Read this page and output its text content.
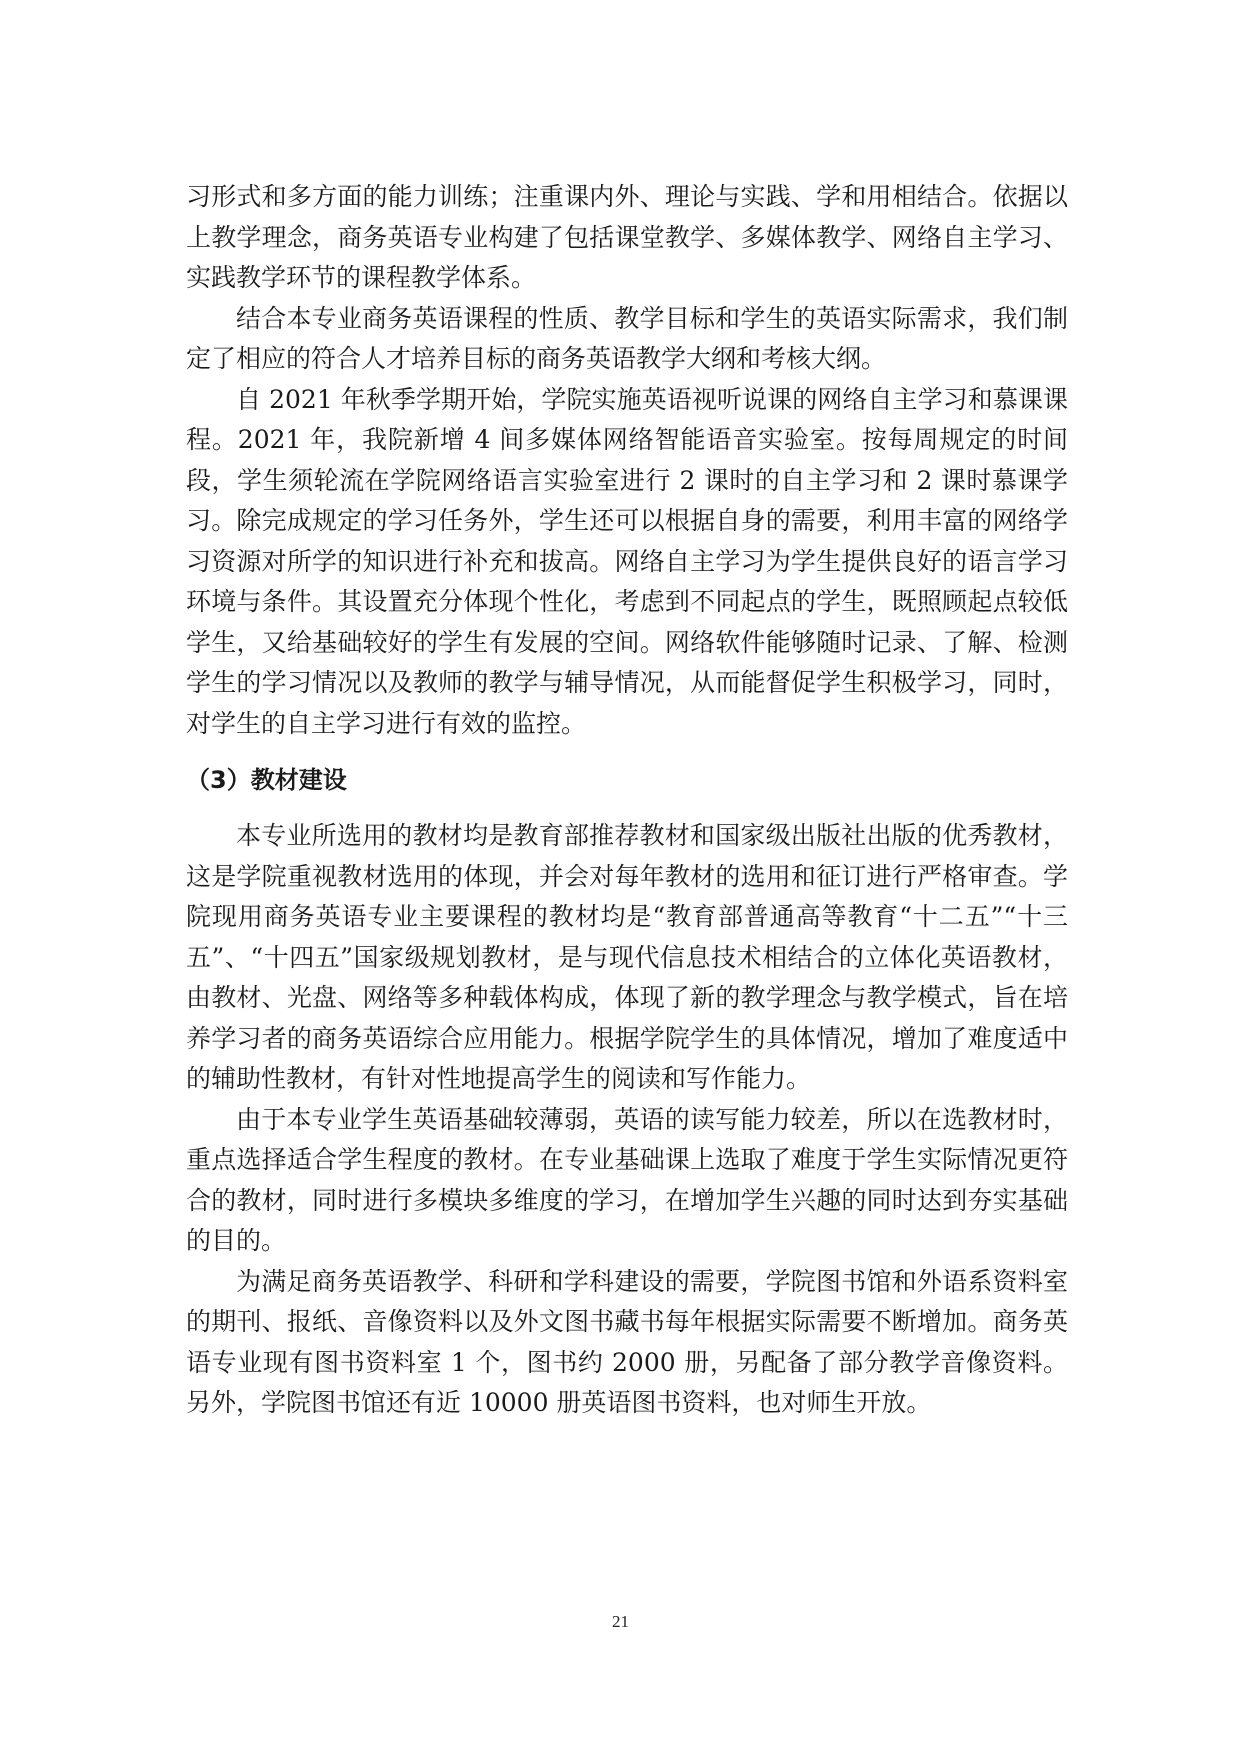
习形式和多方面的能力训练；注重课内外、理论与实践、学和用相结合。依据以上教学理念，商务英语专业构建了包括课堂教学、多媒体教学、网络自主学习、实践教学环节的课程教学体系。

结合本专业商务英语课程的性质、教学目标和学生的英语实际需求，我们制定了相应的符合人才培养目标的商务英语教学大纲和考核大纲。

自 2021 年秋季学期开始，学院实施英语视听说课的网络自主学习和慕课课程。2021 年，我院新增 4 间多媒体网络智能语音实验室。按每周规定的时间段，学生须轮流在学院网络语言实验室进行 2 课时的自主学习和 2 课时慕课学习。除完成规定的学习任务外，学生还可以根据自身的需要，利用丰富的网络学习资源对所学的知识进行补充和拔高。网络自主学习为学生提供良好的语言学习环境与条件。其设置充分体现个性化，考虑到不同起点的学生，既照顾起点较低学生，又给基础较好的学生有发展的空间。网络软件能够随时记录、了解、检测学生的学习情况以及教师的教学与辅导情况，从而能督促学生积极学习，同时，对学生的自主学习进行有效的监控。

（3）教材建设

本专业所选用的教材均是教育部推荐教材和国家级出版社出版的优秀教材，这是学院重视教材选用的体现，并会对每年教材的选用和征订进行严格审查。学院现用商务英语专业主要课程的教材均是“教育部普通高等教育“十二五”“十三五”、“十四五”国家级规划教材，是与现代信息技术相结合的立体化英语教材，由教材、光盘、网络等多种载体构成，体现了新的教学理念与教学模式，旨在培养学习者的商务英语综合应用能力。根据学院学生的具体情况，增加了难度适中的辅助性教材，有针对性地提高学生的阅读和写作能力。

由于本专业学生英语基础较薄弱，英语的读写能力较差，所以在选教材时，重点选择适合学生程度的教材。在专业基础课上选取了难度于学生实际情况更符合的教材，同时进行多模块多维度的学习，在增加学生兴趣的同时达到夯实基础的目的。

为满足商务英语教学、科研和学科建设的需要，学院图书馆和外语系资料室的期刊、报纸、音像资料以及外文图书藏书每年根据实际需要不断增加。商务英语专业现有图书资料室 1 个，图书约 2000 册，另配备了部分教学音像资料。另外，学院图书馆还有近 10000 册英语图书资料，也对师生开放。

21
